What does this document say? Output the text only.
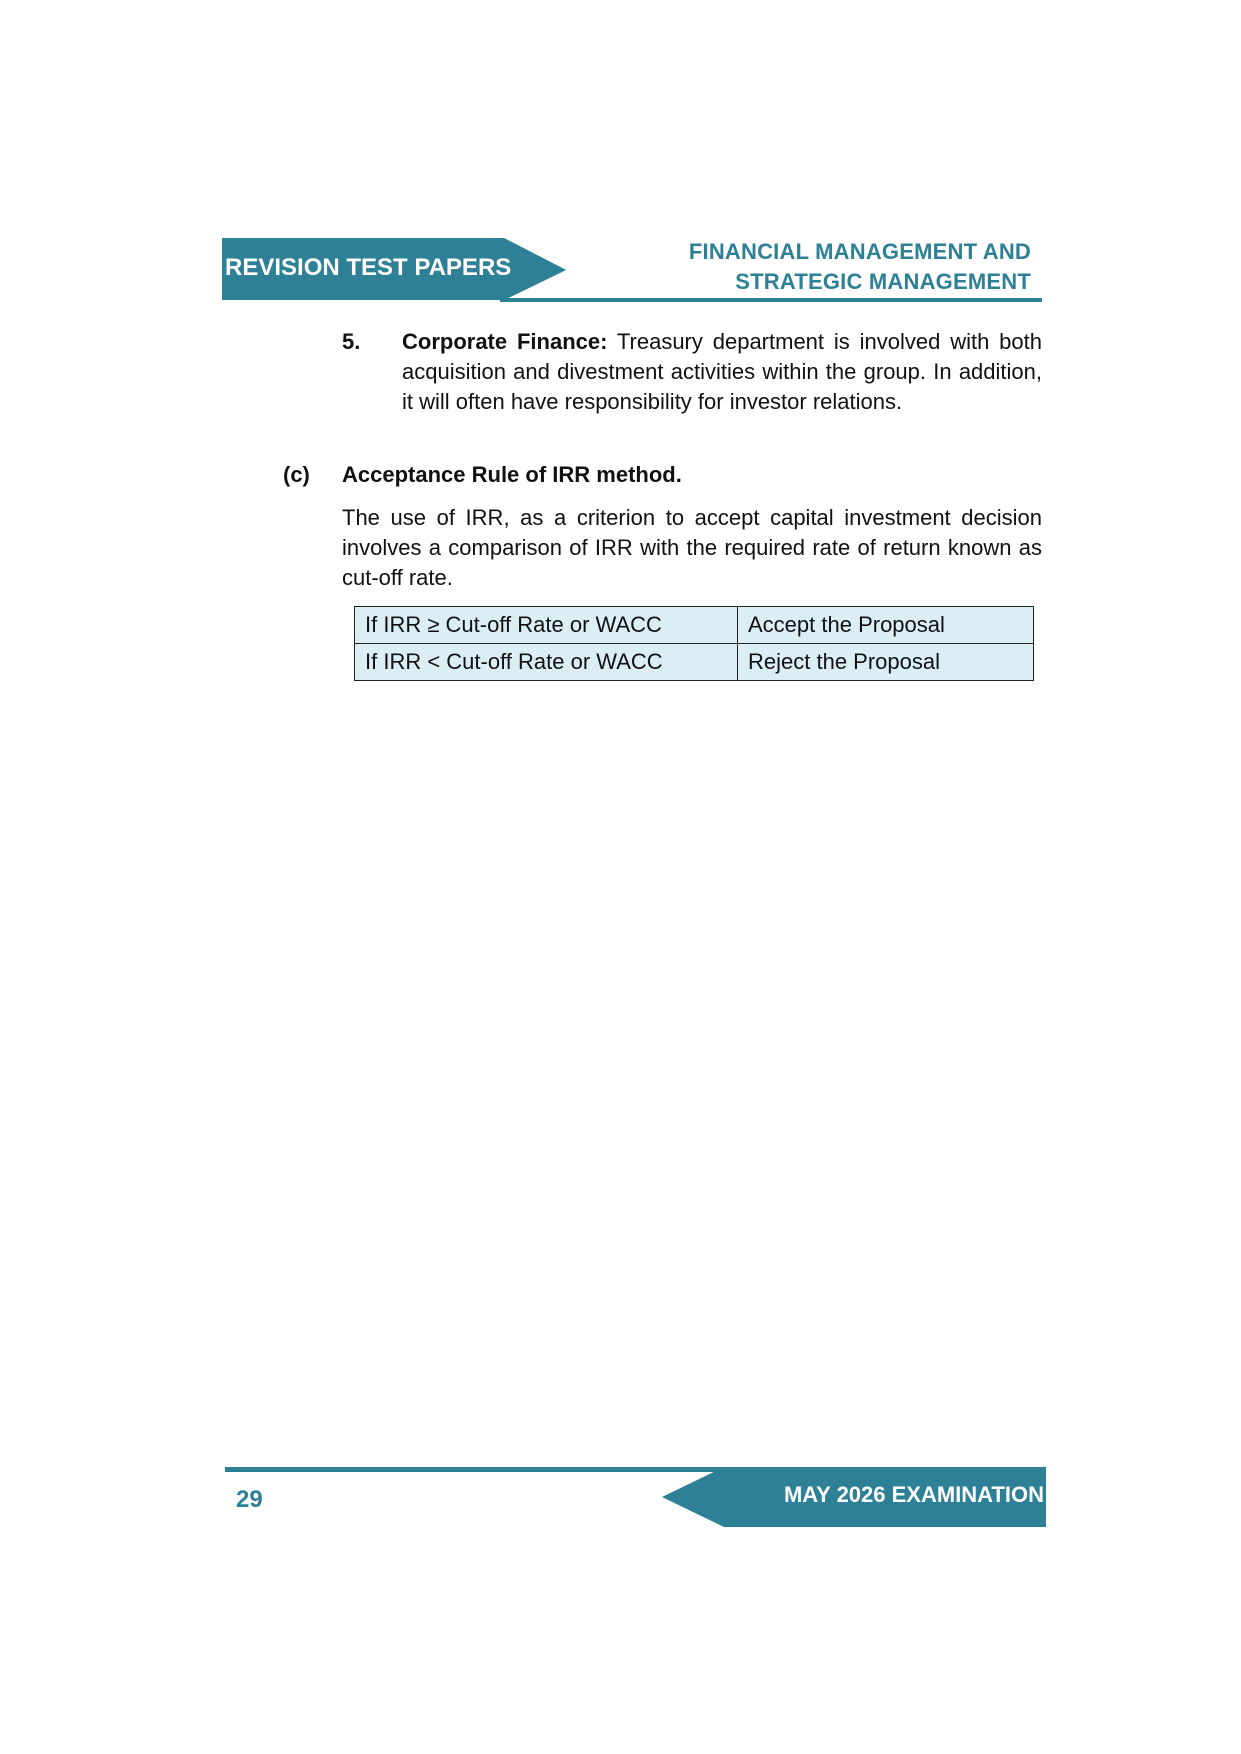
REVISION TEST PAPERS
FINANCIAL MANAGEMENT AND
STRATEGIC MANAGEMENT
5. Corporate Finance: Treasury department is involved with both acquisition and divestment activities within the group. In addition, it will often have responsibility for investor relations.
(c) Acceptance Rule of IRR method.
The use of IRR, as a criterion to accept capital investment decision involves a comparison of IRR with the required rate of return known as cut-off rate.
If IRR ≥ Cut-off Rate or WACC	Accept the Proposal
If IRR < Cut-off Rate or WACC	Reject the Proposal
MAY 2026 EXAMINATION
29
